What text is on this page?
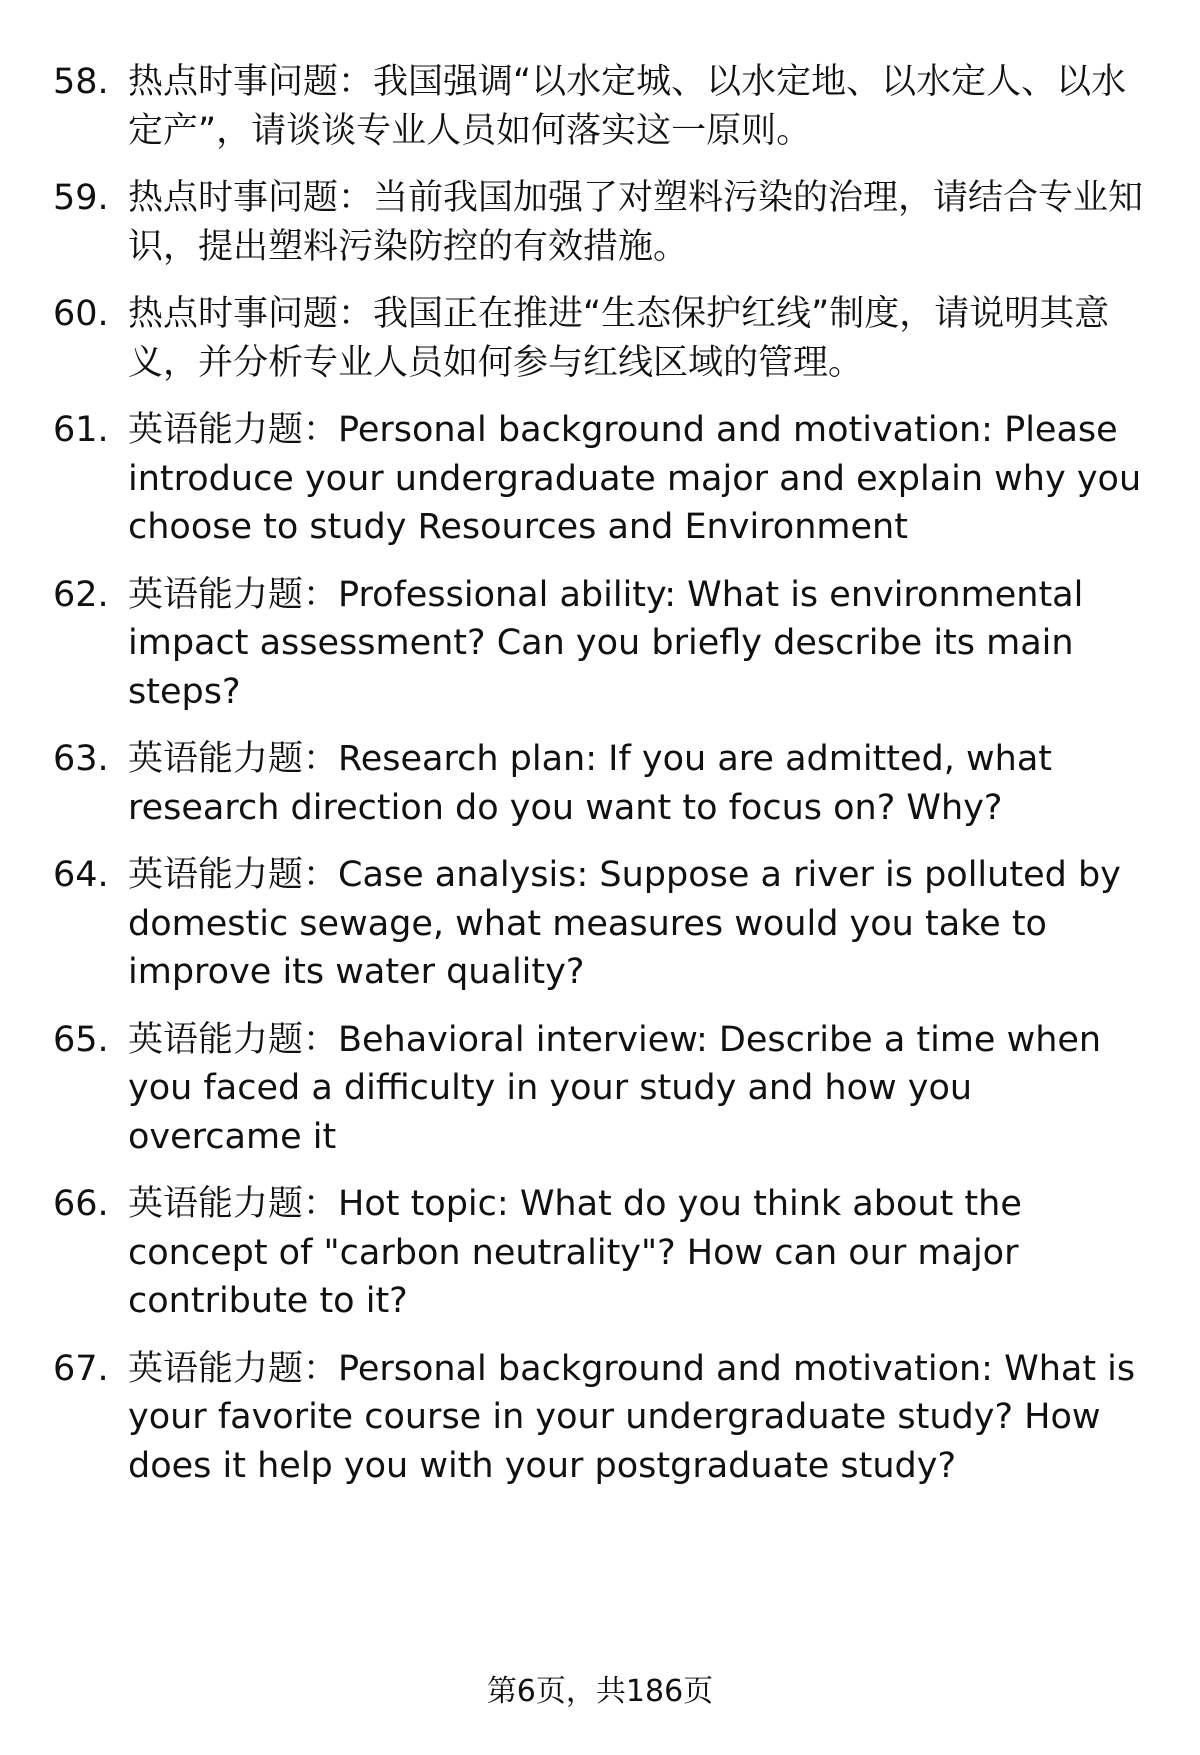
58. 热点时事问题：我国强调“以水定城、以水定地、以水定人、以水定产”，请谈谈专业人员如何落实这一原则。
59. 热点时事问题：当前我国加强了对塑料污染的治理，请结合专业知识，提出塑料污染防控的有效措施。
60. 热点时事问题：我国正在推进“生态保护红线”制度，请说明其意义，并分析专业人员如何参与红线区域的管理。
61. 英语能力题：Personal background and motivation: Please introduce your undergraduate major and explain why you choose to study Resources and Environment
62. 英语能力题：Professional ability: What is environmental impact assessment? Can you briefly describe its main steps?
63. 英语能力题：Research plan: If you are admitted, what research direction do you want to focus on? Why?
64. 英语能力题：Case analysis: Suppose a river is polluted by domestic sewage, what measures would you take to improve its water quality?
65. 英语能力题：Behavioral interview: Describe a time when you faced a difficulty in your study and how you overcame it
66. 英语能力题：Hot topic: What do you think about the concept of "carbon neutrality"? How can our major contribute to it?
67. 英语能力题：Personal background and motivation: What is your favorite course in your undergraduate study? How does it help you with your postgraduate study?
第6页，共186页
